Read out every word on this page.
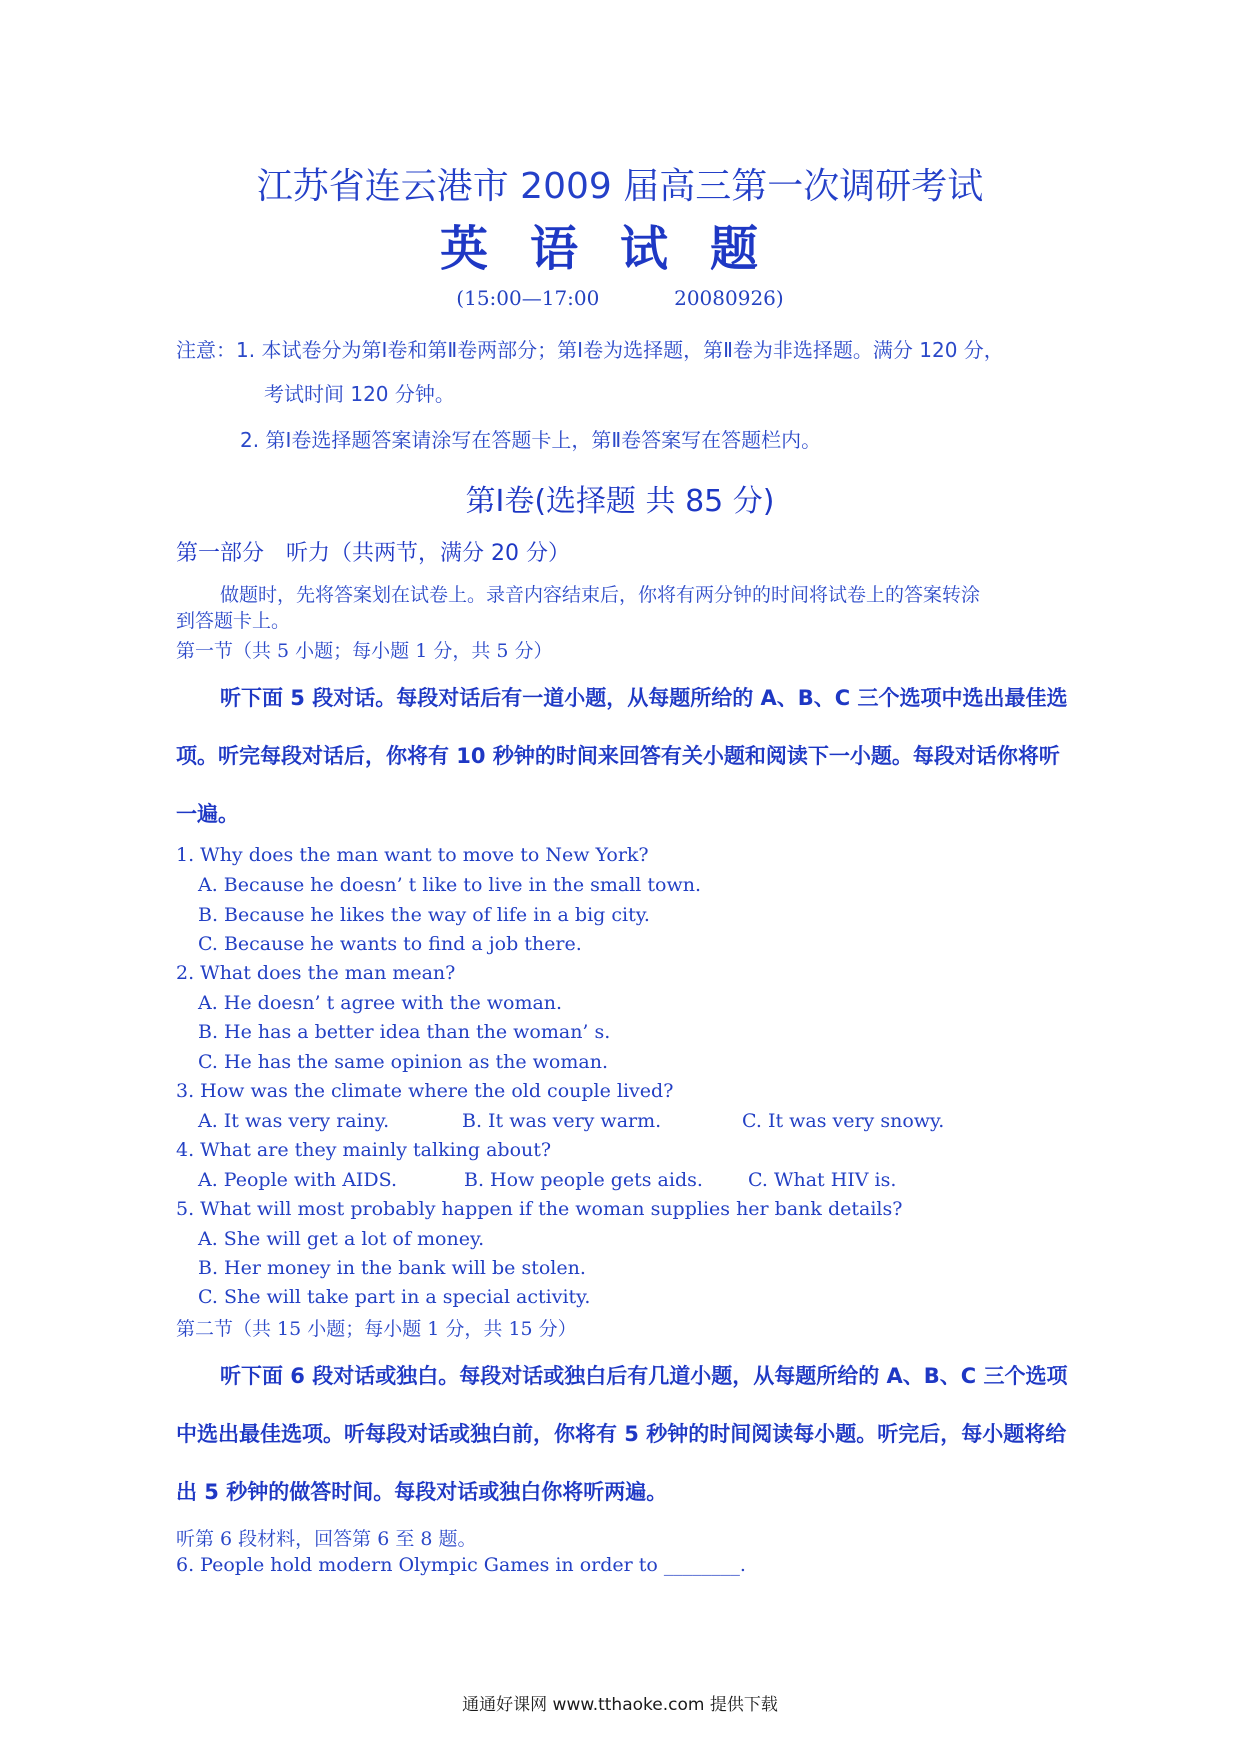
江苏省连云港市 2009 届高三第一次调研考试
英语试题
(15:00—17:00	20080926)
注意：1. 本试卷分为第Ⅰ卷和第Ⅱ卷两部分；第Ⅰ卷为选择题，第Ⅱ卷为非选择题。满分 120 分，
考试时间 120 分钟。
2. 第Ⅰ卷选择题答案请涂写在答题卡上，第Ⅱ卷答案写在答题栏内。
第Ⅰ卷(选择题 共 85 分)
第一部分　听力（共两节，满分 20 分）
做题时，先将答案划在试卷上。录音内容结束后，你将有两分钟的时间将试卷上的答案转涂
到答题卡上。
第一节（共 5 小题；每小题 1 分，共 5 分）
听下面 5 段对话。每段对话后有一道小题，从每题所给的 A、B、C 三个选项中选出最佳选
项。听完每段对话后，你将有 10 秒钟的时间来回答有关小题和阅读下一小题。每段对话你将听
一遍。
1. Why does the man want to move to New York?
A. Because he doesn’ t like to live in the small town.
B. Because he likes the way of life in a big city.
C. Because he wants to find a job there.
2. What does the man mean?
A. He doesn’ t agree with the woman.
B. He has a better idea than the woman’ s.
C. He has the same opinion as the woman.
3. How was the climate where the old couple lived?
A. It was very rainy.	B. It was very warm.	C. It was very snowy.
4. What are they mainly talking about?
A. People with AIDS.	B. How people gets aids. C. What HIV is.
5. What will most probably happen if the woman supplies her bank details?
A. She will get a lot of money.
B. Her money in the bank will be stolen.
C. She will take part in a special activity.
第二节（共 15 小题；每小题 1 分，共 15 分）
听下面 6 段对话或独白。每段对话或独白后有几道小题，从每题所给的 A、B、C 三个选项
中选出最佳选项。听每段对话或独白前，你将有 5 秒钟的时间阅读每小题。听完后，每小题将给
出 5 秒钟的做答时间。每段对话或独白你将听两遍。
听第 6 段材料，回答第 6 至 8 题。
6. People hold modern Olympic Games in order to ________.
通通好课网 www.tthaoke.com 提供下载
